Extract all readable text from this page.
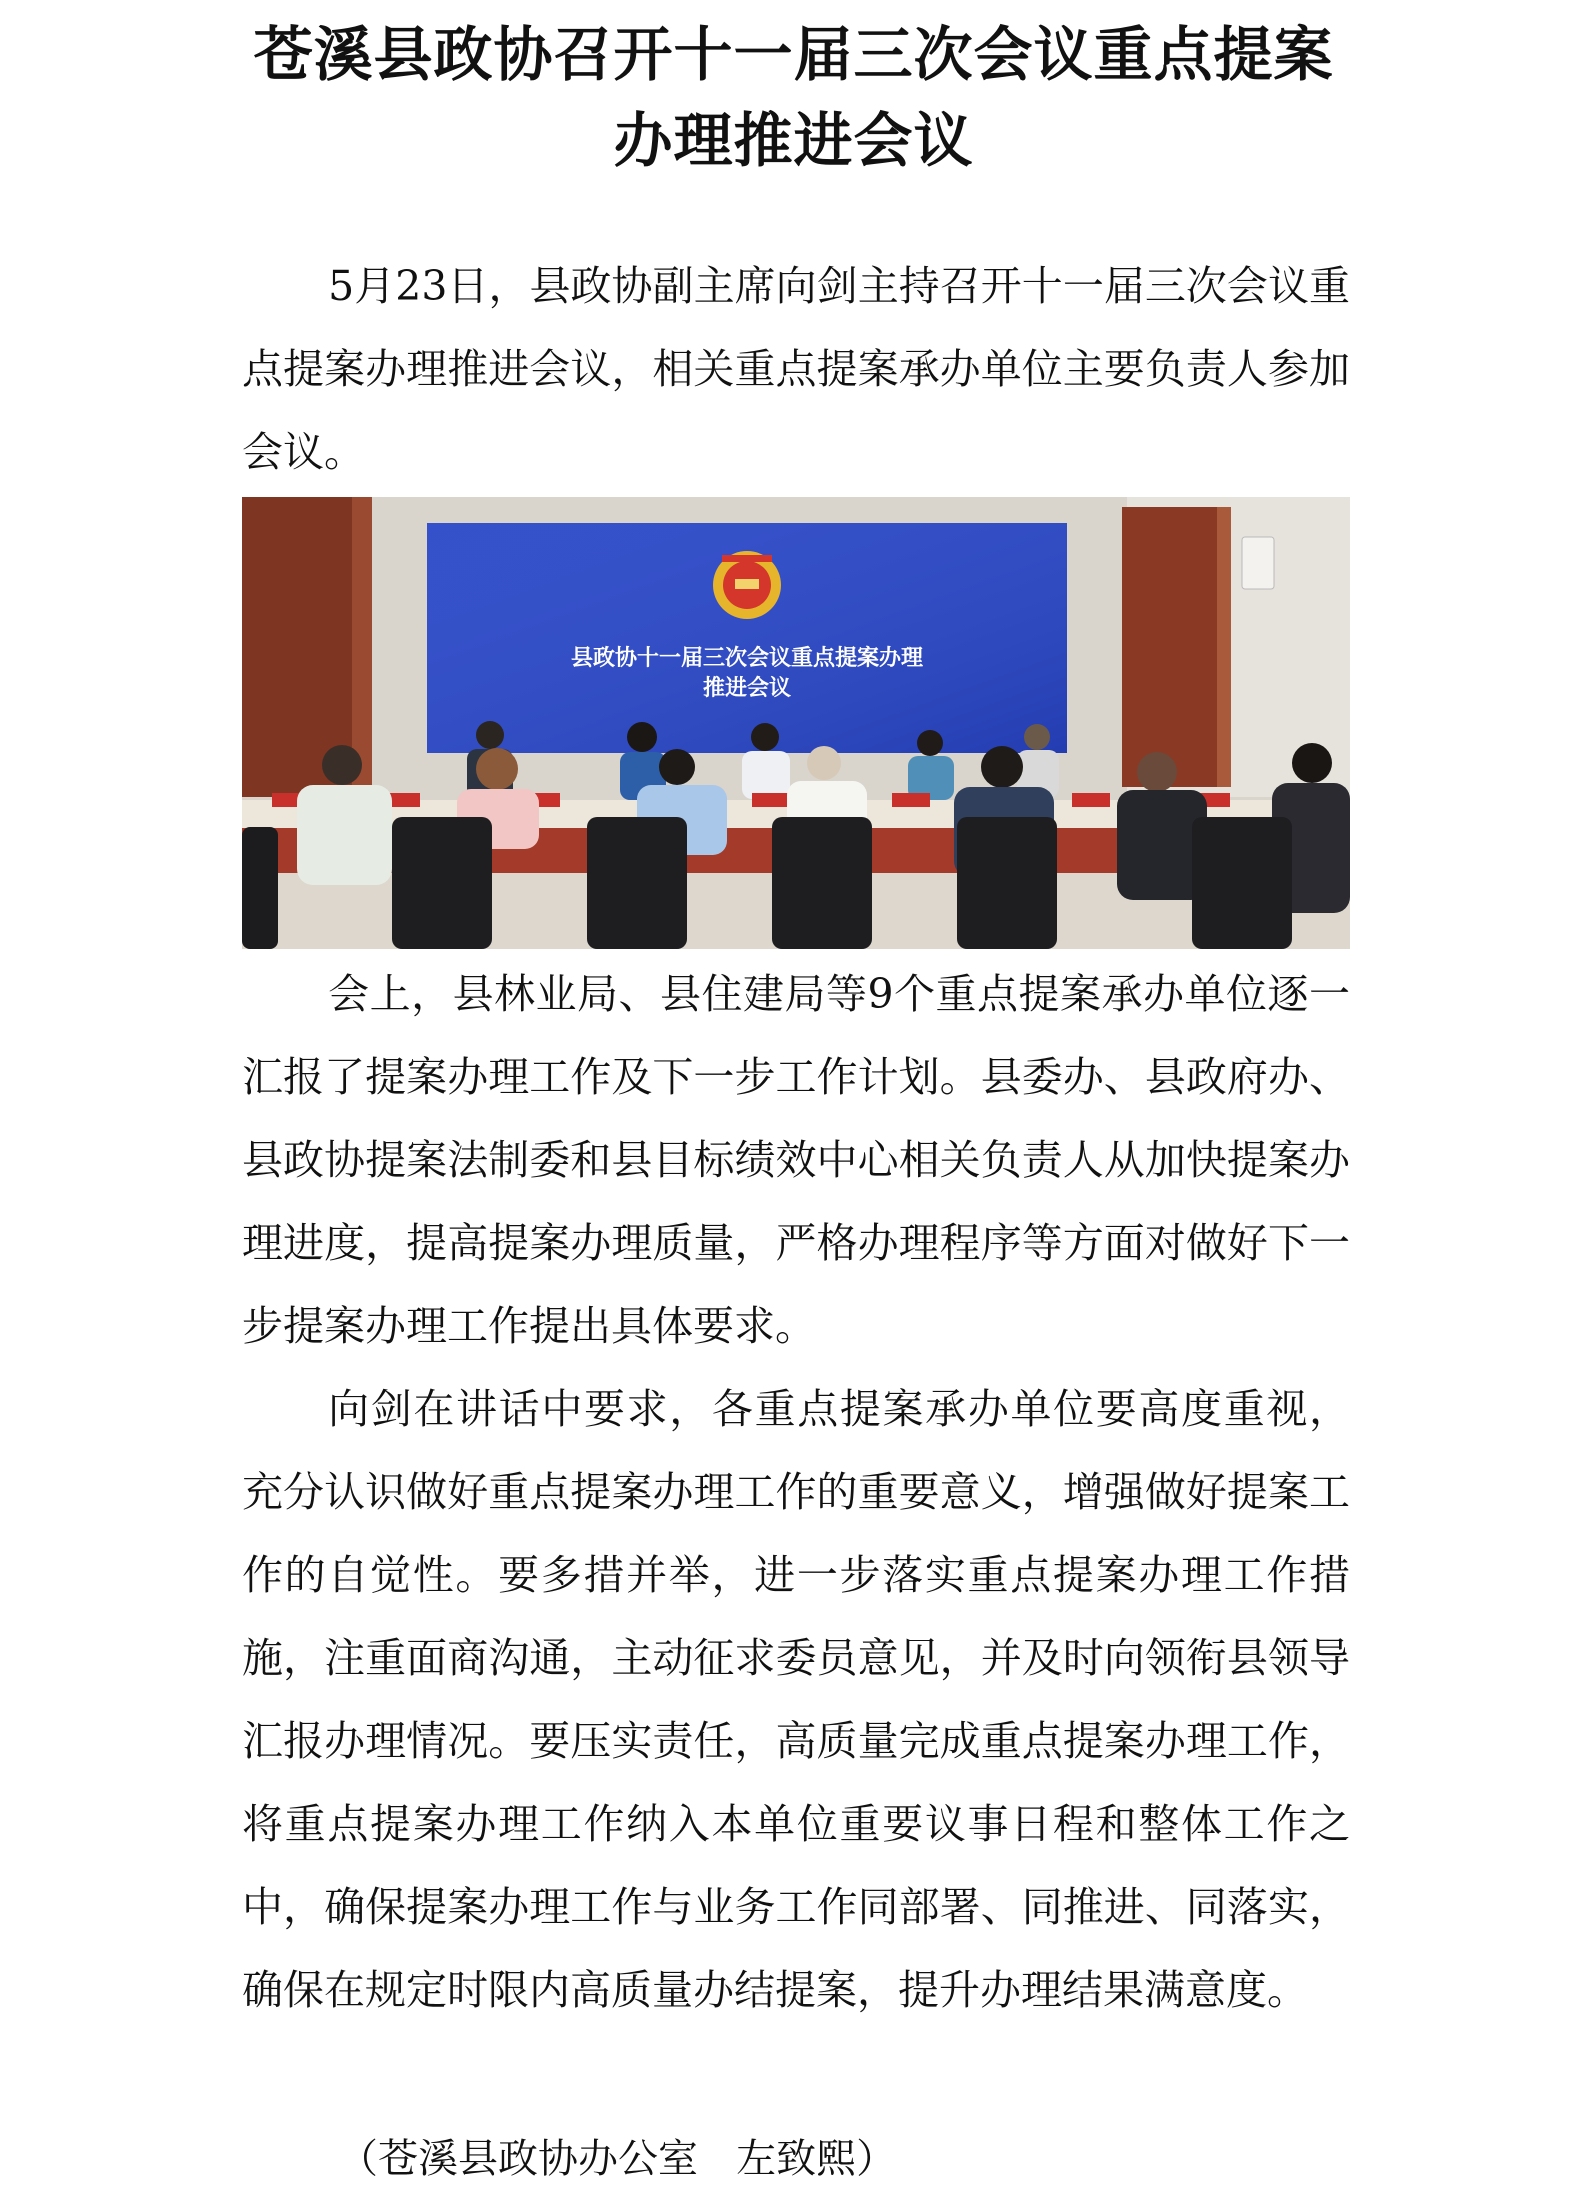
苍溪县政协召开十一届三次会议重点提案
办理推进会议

5月23日，县政协副主席向剑主持召开十一届三次会议重点提案办理推进会议，相关重点提案承办单位主要负责人参加会议。

县政协十一届三次会议重点提案办理
推进会议

会上，县林业局、县住建局等9个重点提案承办单位逐一汇报了提案办理工作及下一步工作计划。县委办、县政府办、县政协提案法制委和县目标绩效中心相关负责人从加快提案办理进度，提高提案办理质量，严格办理程序等方面对做好下一步提案办理工作提出具体要求。

向剑在讲话中要求，各重点提案承办单位要高度重视，充分认识做好重点提案办理工作的重要意义，增强做好提案工作的自觉性。要多措并举，进一步落实重点提案办理工作措施，注重面商沟通，主动征求委员意见，并及时向领衔县领导汇报办理情况。要压实责任，高质量完成重点提案办理工作，将重点提案办理工作纳入本单位重要议事日程和整体工作之中，确保提案办理工作与业务工作同部署、同推进、同落实，确保在规定时限内高质量办结提案，提升办理结果满意度。

（苍溪县政协办公室   左致熙）
